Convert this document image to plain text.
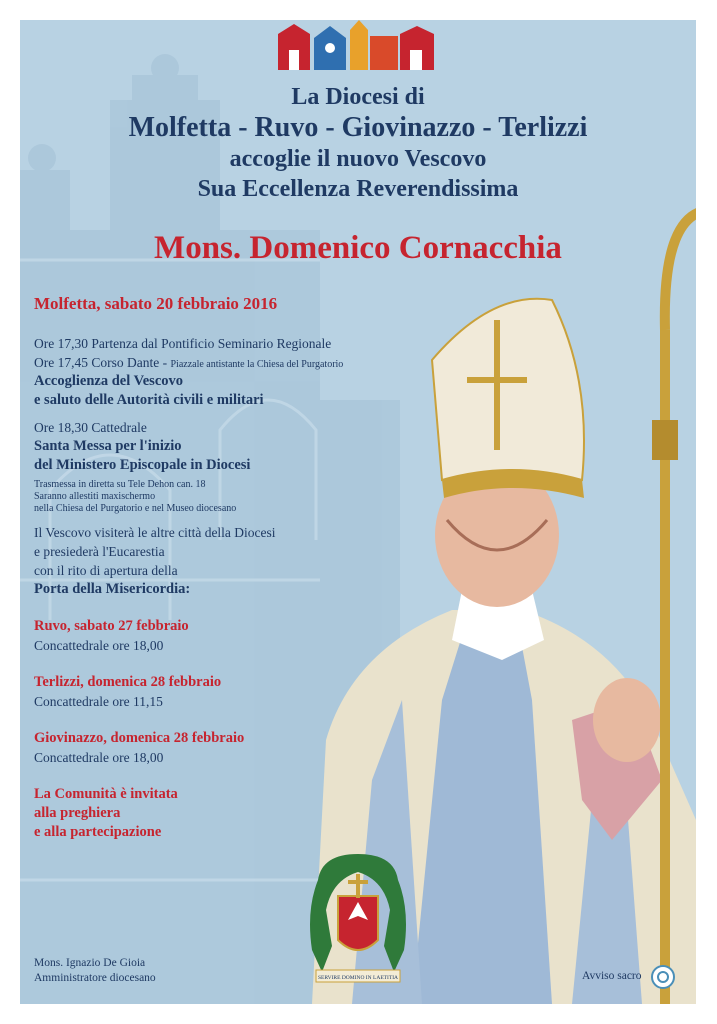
La Diocesi di
Molfetta - Ruvo - Giovinazzo - Terlizzi
accoglie il nuovo Vescovo
Sua Eccellenza Reverendissima
Mons. Domenico Cornacchia
SERVIRE DOMINO IN LAETITIA
Molfetta, sabato 20 febbraio 2016
Ore 17,30 Partenza dal Pontificio Seminario Regionale
Ore 17,45 Corso Dante - Piazzale antistante la Chiesa del Purgatorio
Accoglienza del Vescovo
e saluto delle Autorità civili e militari
Ore 18,30 Cattedrale
Santa Messa per l'inizio
del Ministero Episcopale in Diocesi
Trasmessa in diretta su Tele Dehon can. 18
Saranno allestiti maxischermo
nella Chiesa del Purgatorio e nel Museo diocesano
Il Vescovo visiterà le altre città della Diocesi
e presiederà l'Eucarestia
con il rito di apertura della
Porta della Misericordia:
Ruvo, sabato 27 febbraio
Concattedrale ore 18,00
Terlizzi, domenica 28 febbraio
Concattedrale ore 11,15
Giovinazzo, domenica 28 febbraio
Concattedrale ore 18,00
La Comunità è invitata
alla preghiera
e alla partecipazione
Mons. Ignazio De Gioia
Amministratore diocesano	Avviso sacro
